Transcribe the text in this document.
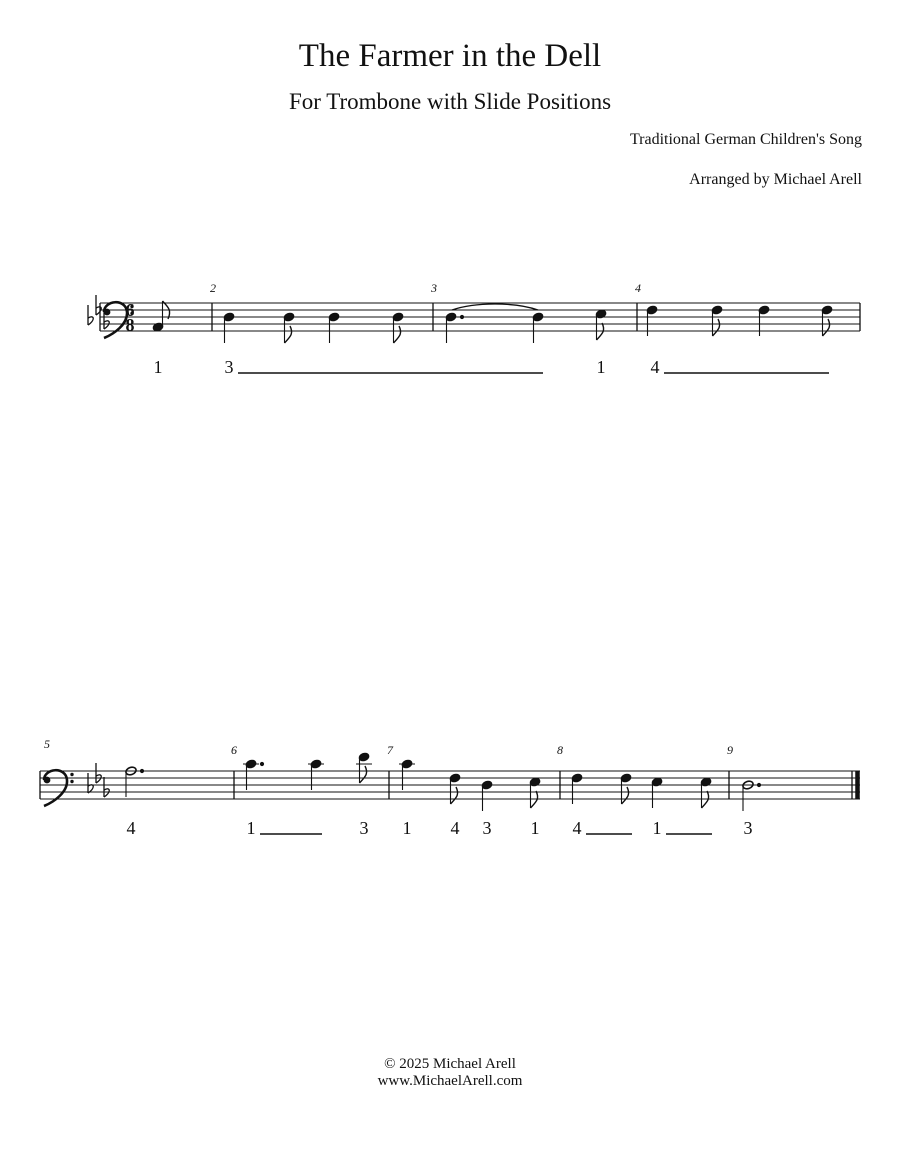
The Farmer in the Dell
For Trombone with Slide Positions
Traditional German Children's Song
Arranged by Michael Arell
6
8
2	3	4
1	3	1	4
5	6	7	8	9
4	1	3 1 4 3 1 4	1	3
© 2025 Michael Arell
www.MichaelArell.com
